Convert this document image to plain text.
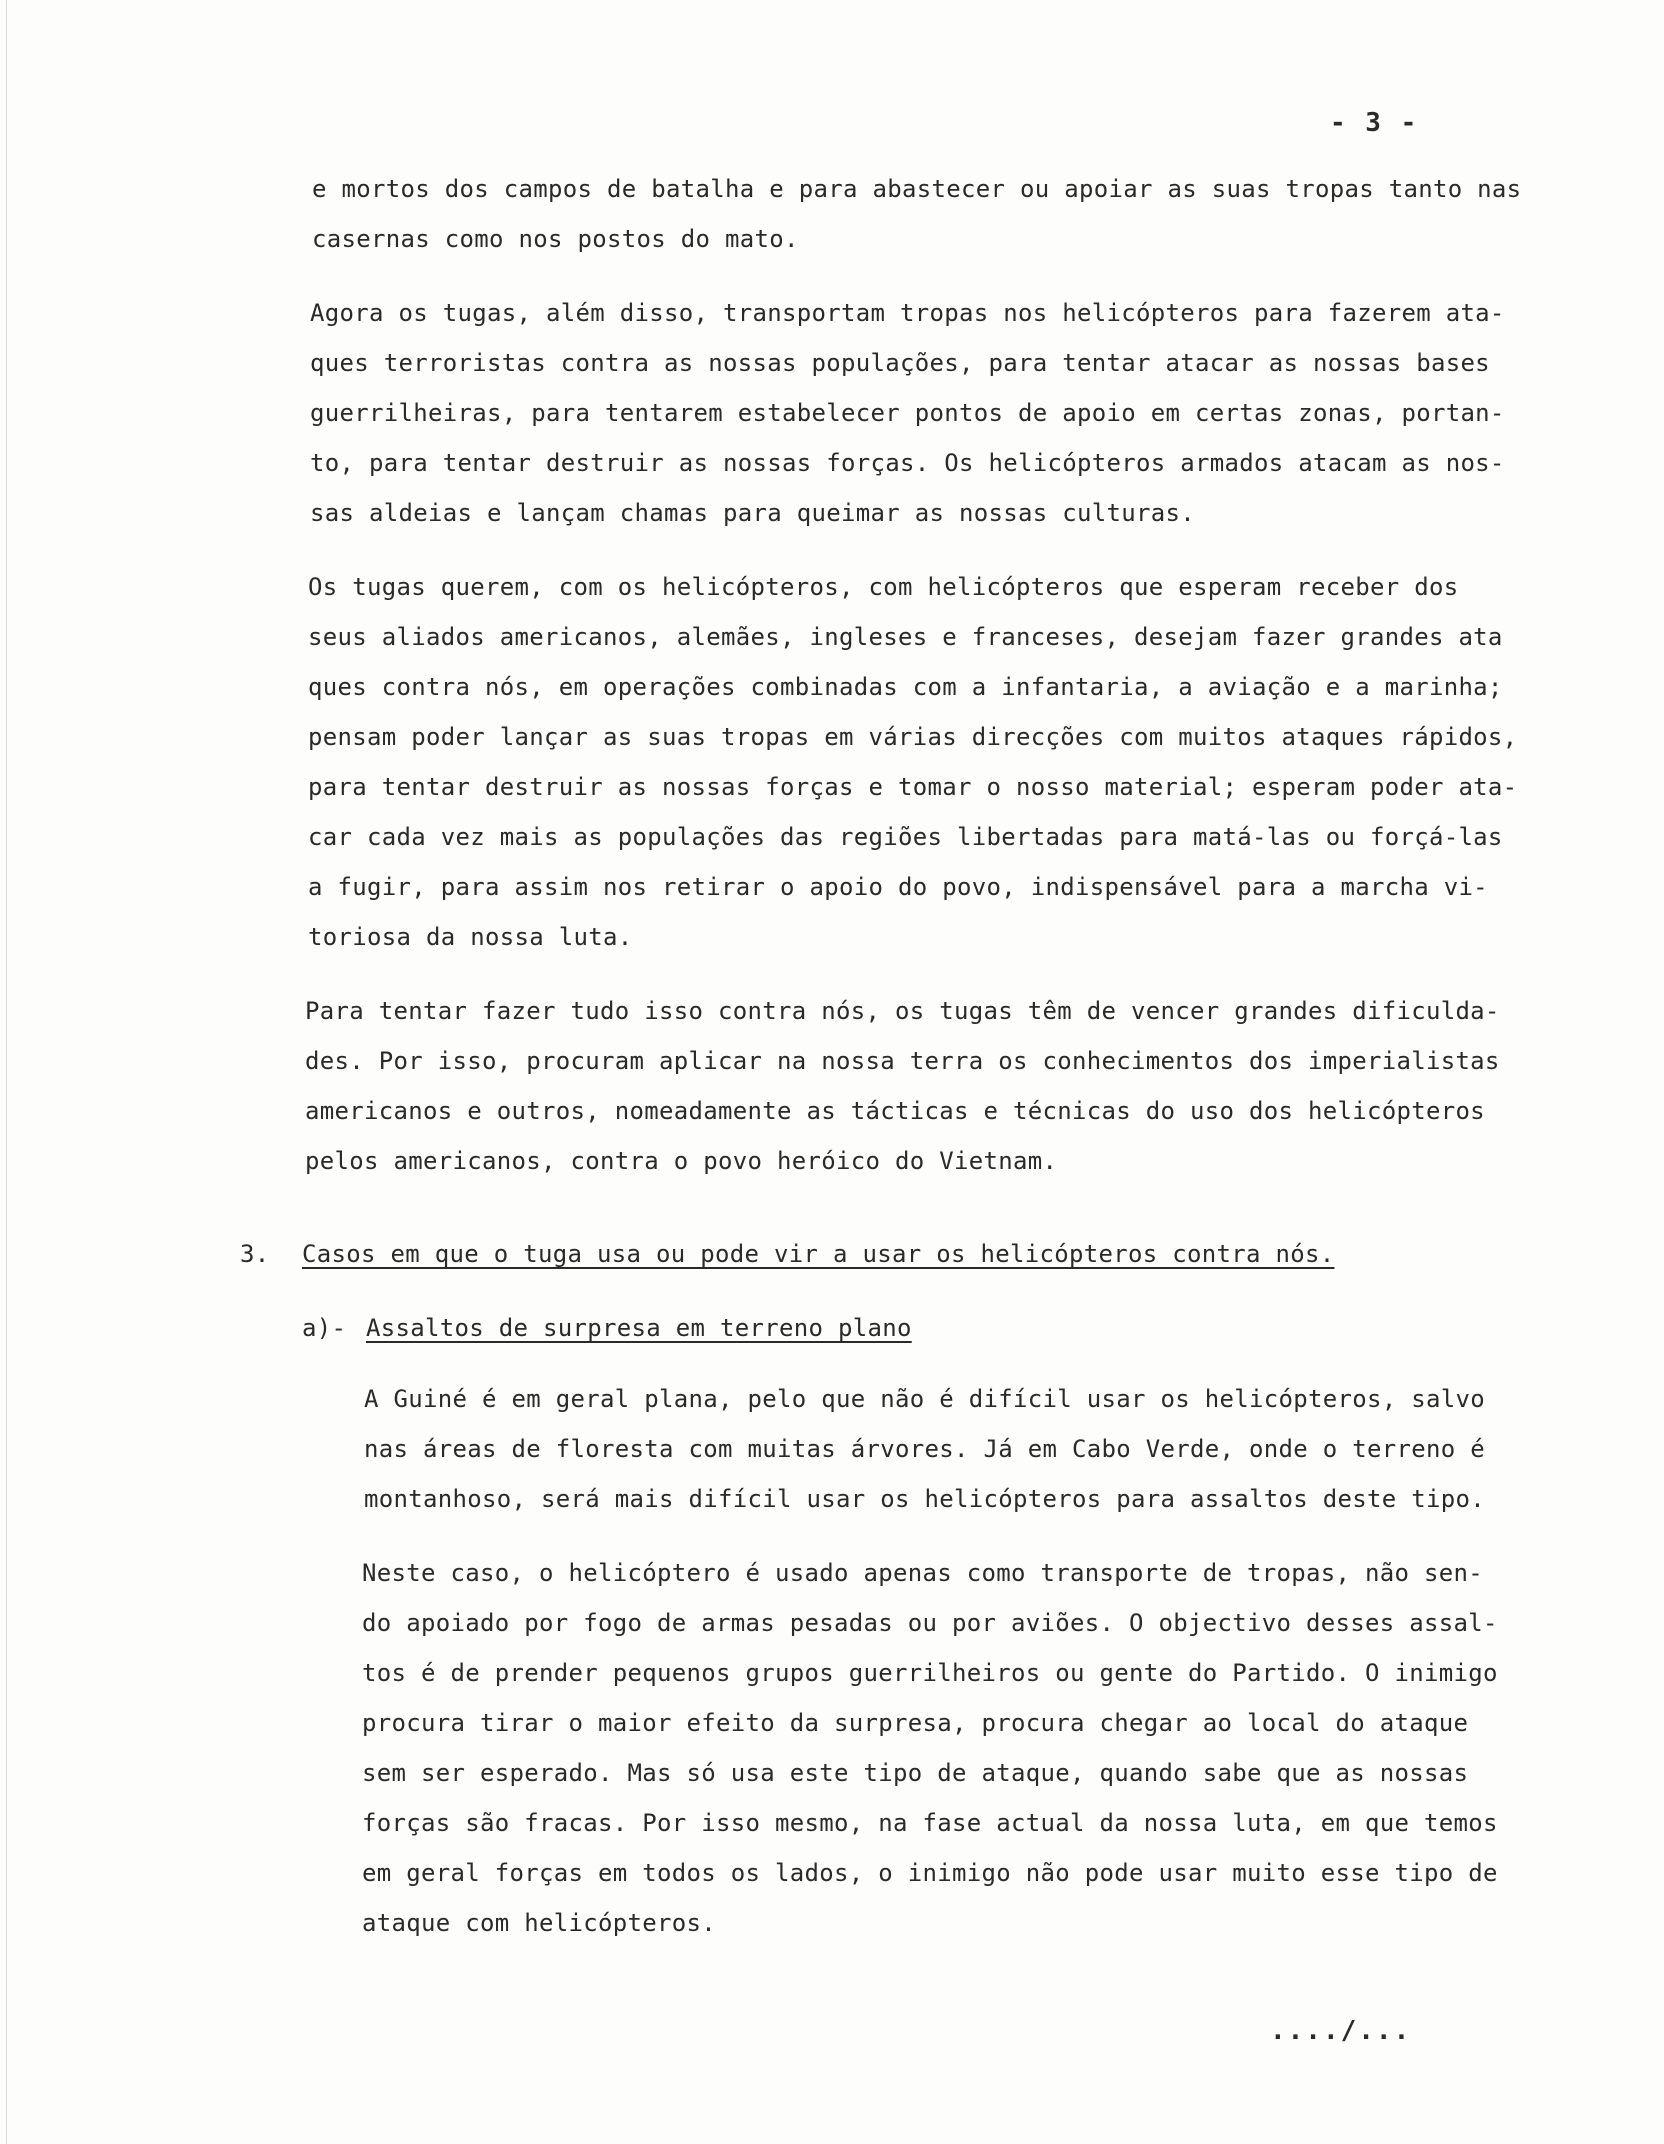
- 3 -

e mortos dos campos de batalha e para abastecer ou apoiar as suas tropas tanto nas
casernas como nos postos do mato.
Agora os tugas, além disso, transportam tropas nos helicópteros para fazerem ata-
ques terroristas contra as nossas populações, para tentar atacar as nossas bases
guerrilheiras, para tentarem estabelecer pontos de apoio em certas zonas, portan-
to, para tentar destruir as nossas forças. Os helicópteros armados atacam as nos-
sas aldeias e lançam chamas para queimar as nossas culturas.
Os tugas querem, com os helicópteros, com helicópteros que esperam receber dos
seus aliados americanos, alemães, ingleses e franceses, desejam fazer grandes ata
ques contra nós, em operações combinadas com a infantaria, a aviação e a marinha;
pensam poder lançar as suas tropas em várias direcções com muitos ataques rápidos,
para tentar destruir as nossas forças e tomar o nosso material; esperam poder ata-
car cada vez mais as populações das regiões libertadas para matá-las ou forçá-las
a fugir, para assim nos retirar o apoio do povo, indispensável para a marcha vi-
toriosa da nossa luta.
Para tentar fazer tudo isso contra nós, os tugas têm de vencer grandes dificulda-
des. Por isso, procuram aplicar na nossa terra os conhecimentos dos imperialistas
americanos e outros, nomeadamente as tácticas e técnicas do uso dos helicópteros
pelos americanos, contra o povo heróico do Vietnam.
3. Casos em que o tuga usa ou pode vir a usar os helicópteros contra nós.
a)- Assaltos de surpresa em terreno plano
A Guiné é em geral plana, pelo que não é difícil usar os helicópteros, salvo
nas áreas de floresta com muitas árvores. Já em Cabo Verde, onde o terreno é
montanhoso, será mais difícil usar os helicópteros para assaltos deste tipo.
Neste caso, o helicóptero é usado apenas como transporte de tropas, não sen-
do apoiado por fogo de armas pesadas ou por aviões. O objectivo desses assal-
tos é de prender pequenos grupos guerrilheiros ou gente do Partido. O inimigo
procura tirar o maior efeito da surpresa, procura chegar ao local do ataque
sem ser esperado. Mas só usa este tipo de ataque, quando sabe que as nossas
forças são fracas. Por isso mesmo, na fase actual da nossa luta, em que temos
em geral forças em todos os lados, o inimigo não pode usar muito esse tipo de
ataque com helicópteros.

..../...
